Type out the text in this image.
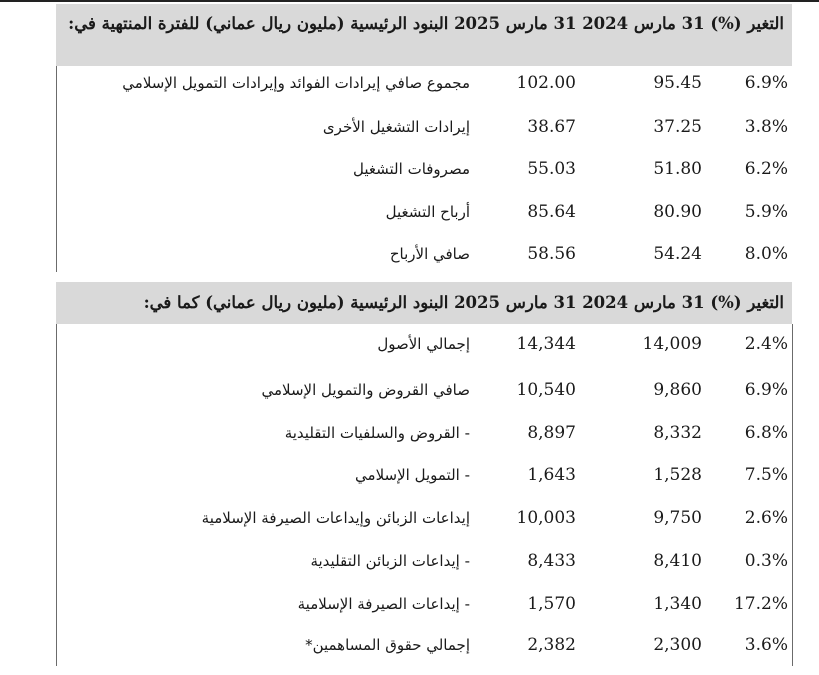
التغير (%) 31 مارس 2024 31 مارس 2025 البنود الرئيسية (مليون ريال عماني) للفترة المنتهية في:
التغير (%) 31 مارس 2024 31 مارس 2025 البنود الرئيسية (مليون ريال عماني) كما في:
مجموع صافي إيرادات الفوائد وإيرادات التمويل الإسلامي	102.00	95.45	6.9%
إيرادات التشغيل الأخرى	38.67	37.25	3.8%
مصروفات التشغيل	55.03	51.80	6.2%
أرباح التشغيل	85.64	80.90	5.9%
صافي الأرباح	58.56	54.24	8.0%
إجمالي الأصول	14,344	14,009	2.4%
صافي القروض والتمويل الإسلامي	10,540	9,860	6.9%
- القروض والسلفيات التقليدية	8,897	8,332	6.8%
- التمويل الإسلامي	1,643	1,528	7.5%
إيداعات الزبائن وإيداعات الصيرفة الإسلامية	10,003	9,750	2.6%
- إيداعات الزبائن التقليدية	8,433	8,410	0.3%
- إيداعات الصيرفة الإسلامية	1,570	1,340	17.2%
إجمالي حقوق المساهمين*	2,382	2,300	3.6%
